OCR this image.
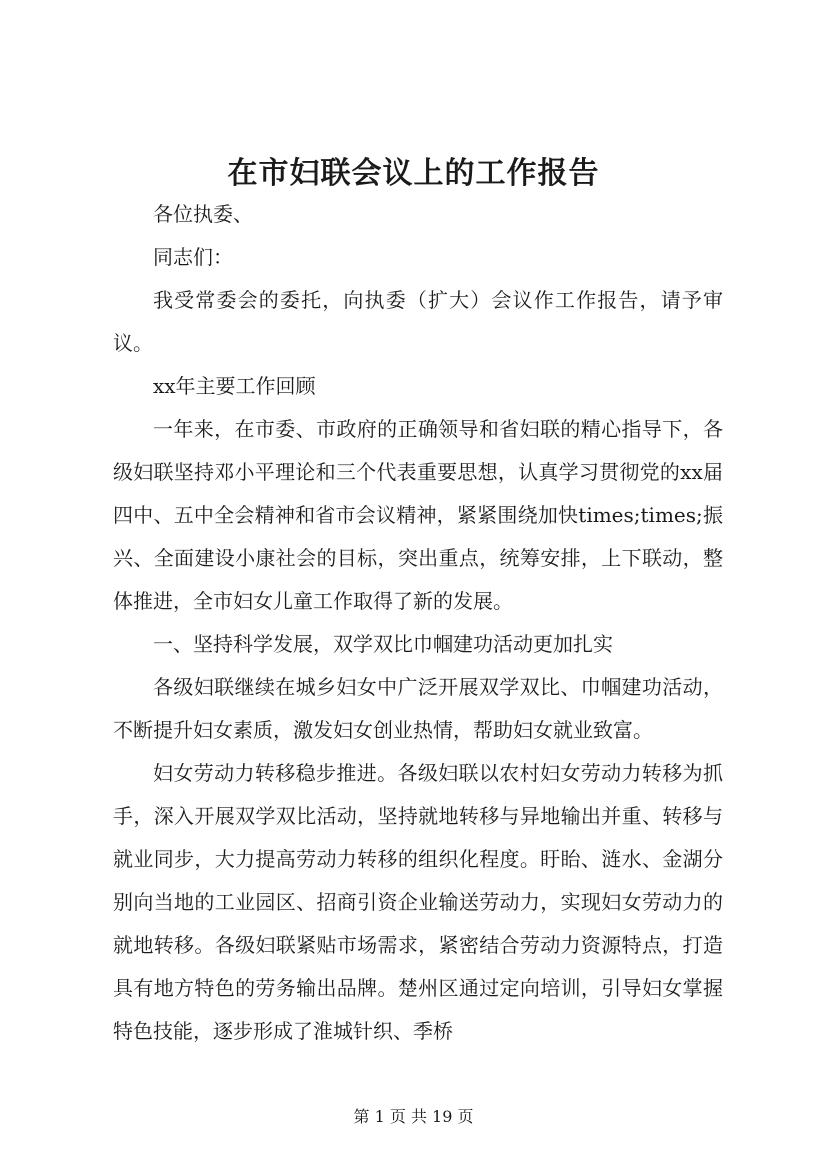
在市妇联会议上的工作报告

各位执委、

同志们：

我受常委会的委托，向执委（扩大）会议作工作报告，请予审议。

xx年主要工作回顾

一年来，在市委、市政府的正确领导和省妇联的精心指导下，各级妇联坚持邓小平理论和三个代表重要思想，认真学习贯彻党的xx届四中、五中全会精神和省市会议精神，紧紧围绕加快times;times;振兴、全面建设小康社会的目标，突出重点，统筹安排，上下联动，整体推进，全市妇女儿童工作取得了新的发展。

一、坚持科学发展，双学双比巾帼建功活动更加扎实

各级妇联继续在城乡妇女中广泛开展双学双比、巾帼建功活动，不断提升妇女素质，激发妇女创业热情，帮助妇女就业致富。

妇女劳动力转移稳步推进。各级妇联以农村妇女劳动力转移为抓手，深入开展双学双比活动，坚持就地转移与异地输出并重、转移与就业同步，大力提高劳动力转移的组织化程度。盱眙、涟水、金湖分别向当地的工业园区、招商引资企业输送劳动力，实现妇女劳动力的就地转移。各级妇联紧贴市场需求，紧密结合劳动力资源特点，打造具有地方特色的劳务输出品牌。楚州区通过定向培训，引导妇女掌握特色技能，逐步形成了淮城针织、季桥

第 1 页 共 19 页
